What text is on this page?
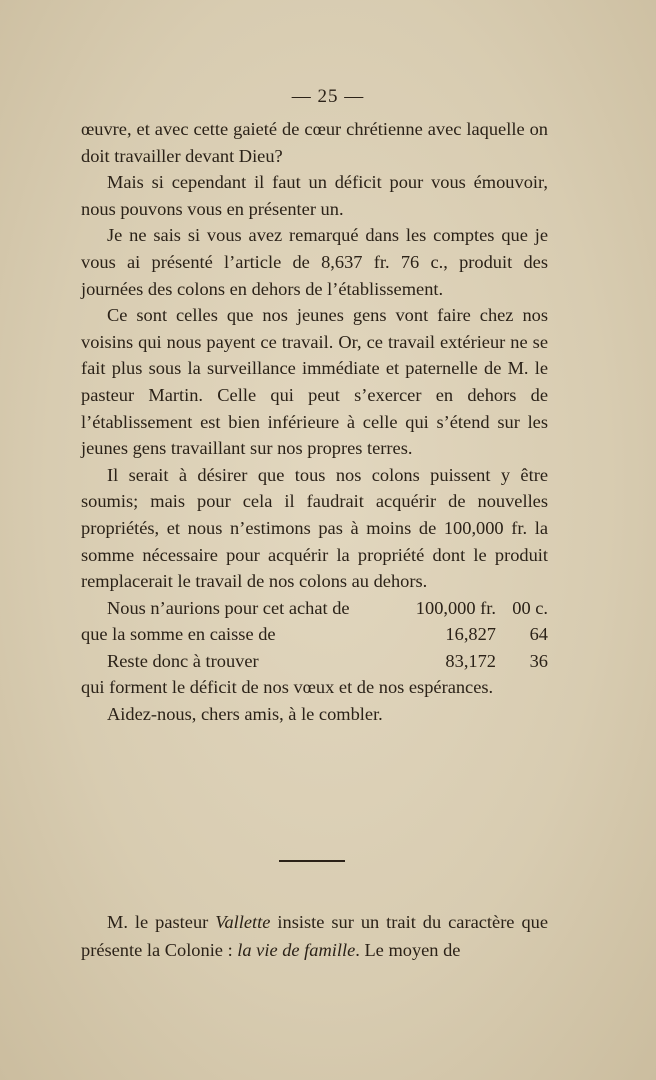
— 25 —

œuvre, et avec cette gaieté de cœur chrétienne avec laquelle on doit travailler devant Dieu?

Mais si cependant il faut un déficit pour vous émouvoir, nous pouvons vous en présenter un.

Je ne sais si vous avez remarqué dans les comptes que je vous ai présenté l’article de 8,637 fr. 76 c., produit des journées des colons en dehors de l’établissement.

Ce sont celles que nos jeunes gens vont faire chez nos voisins qui nous payent ce travail. Or, ce travail extérieur ne se fait plus sous la surveillance immédiate et paternelle de M. le pasteur Martin. Celle qui peut s’exercer en dehors de l’établissement est bien inférieure à celle qui s’étend sur les jeunes gens travaillant sur nos propres terres.

Il serait à désirer que tous nos colons puissent y être soumis; mais pour cela il faudrait acquérir de nouvelles propriétés, et nous n’estimons pas à moins de 100,000 fr. la somme nécessaire pour acquérir la propriété dont le produit remplacerait le travail de nos colons au dehors.

Nous n’aurions pour cet achat de	100,000 fr. 00 c.
que la somme en caisse de	16,827	64
Reste donc à trouver	83,172	36

qui forment le déficit de nos vœux et de nos espérances.

Aidez-nous, chers amis, à le combler.

M. le pasteur Vallette insiste sur un trait du caractère que présente la Colonie : la vie de famille. Le moyen de
